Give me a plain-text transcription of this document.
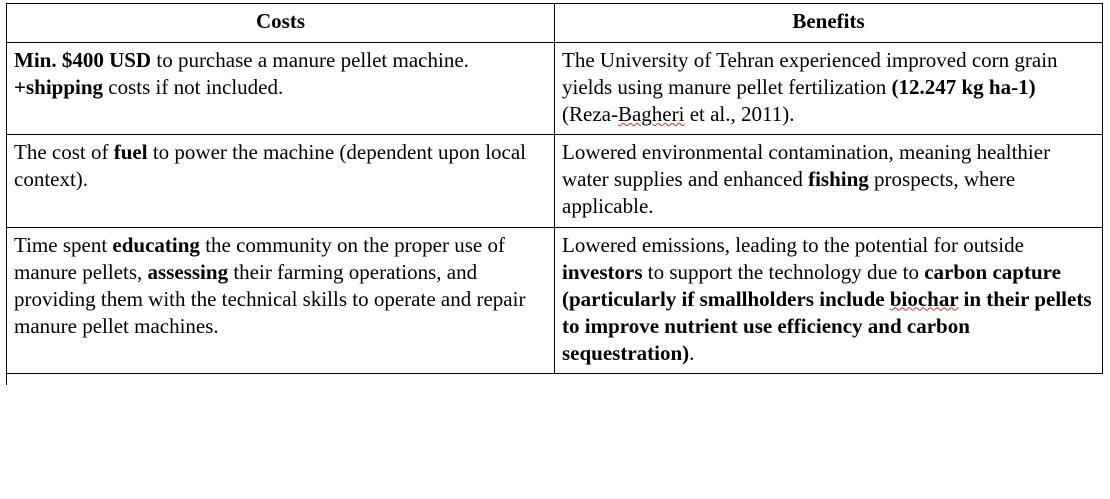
Costs	Benefits

Min. $400 USD to purchase a manure pellet machine.
+shipping costs if not included.	The University of Tehran experienced improved corn grain yields using manure pellet fertilization (12.247 kg ha-1) (Reza-Bagheri et al., 2011).

The cost of fuel to power the machine (dependent upon local context).	Lowered environmental contamination, meaning healthier water supplies and enhanced fishing prospects, where applicable.

Time spent educating the community on the proper use of manure pellets, assessing their farming operations, and providing them with the technical skills to operate and repair manure pellet machines.	Lowered emissions, leading to the potential for outside investors to support the technology due to carbon capture (particularly if smallholders include biochar in their pellets to improve nutrient use efficiency and carbon sequestration).
